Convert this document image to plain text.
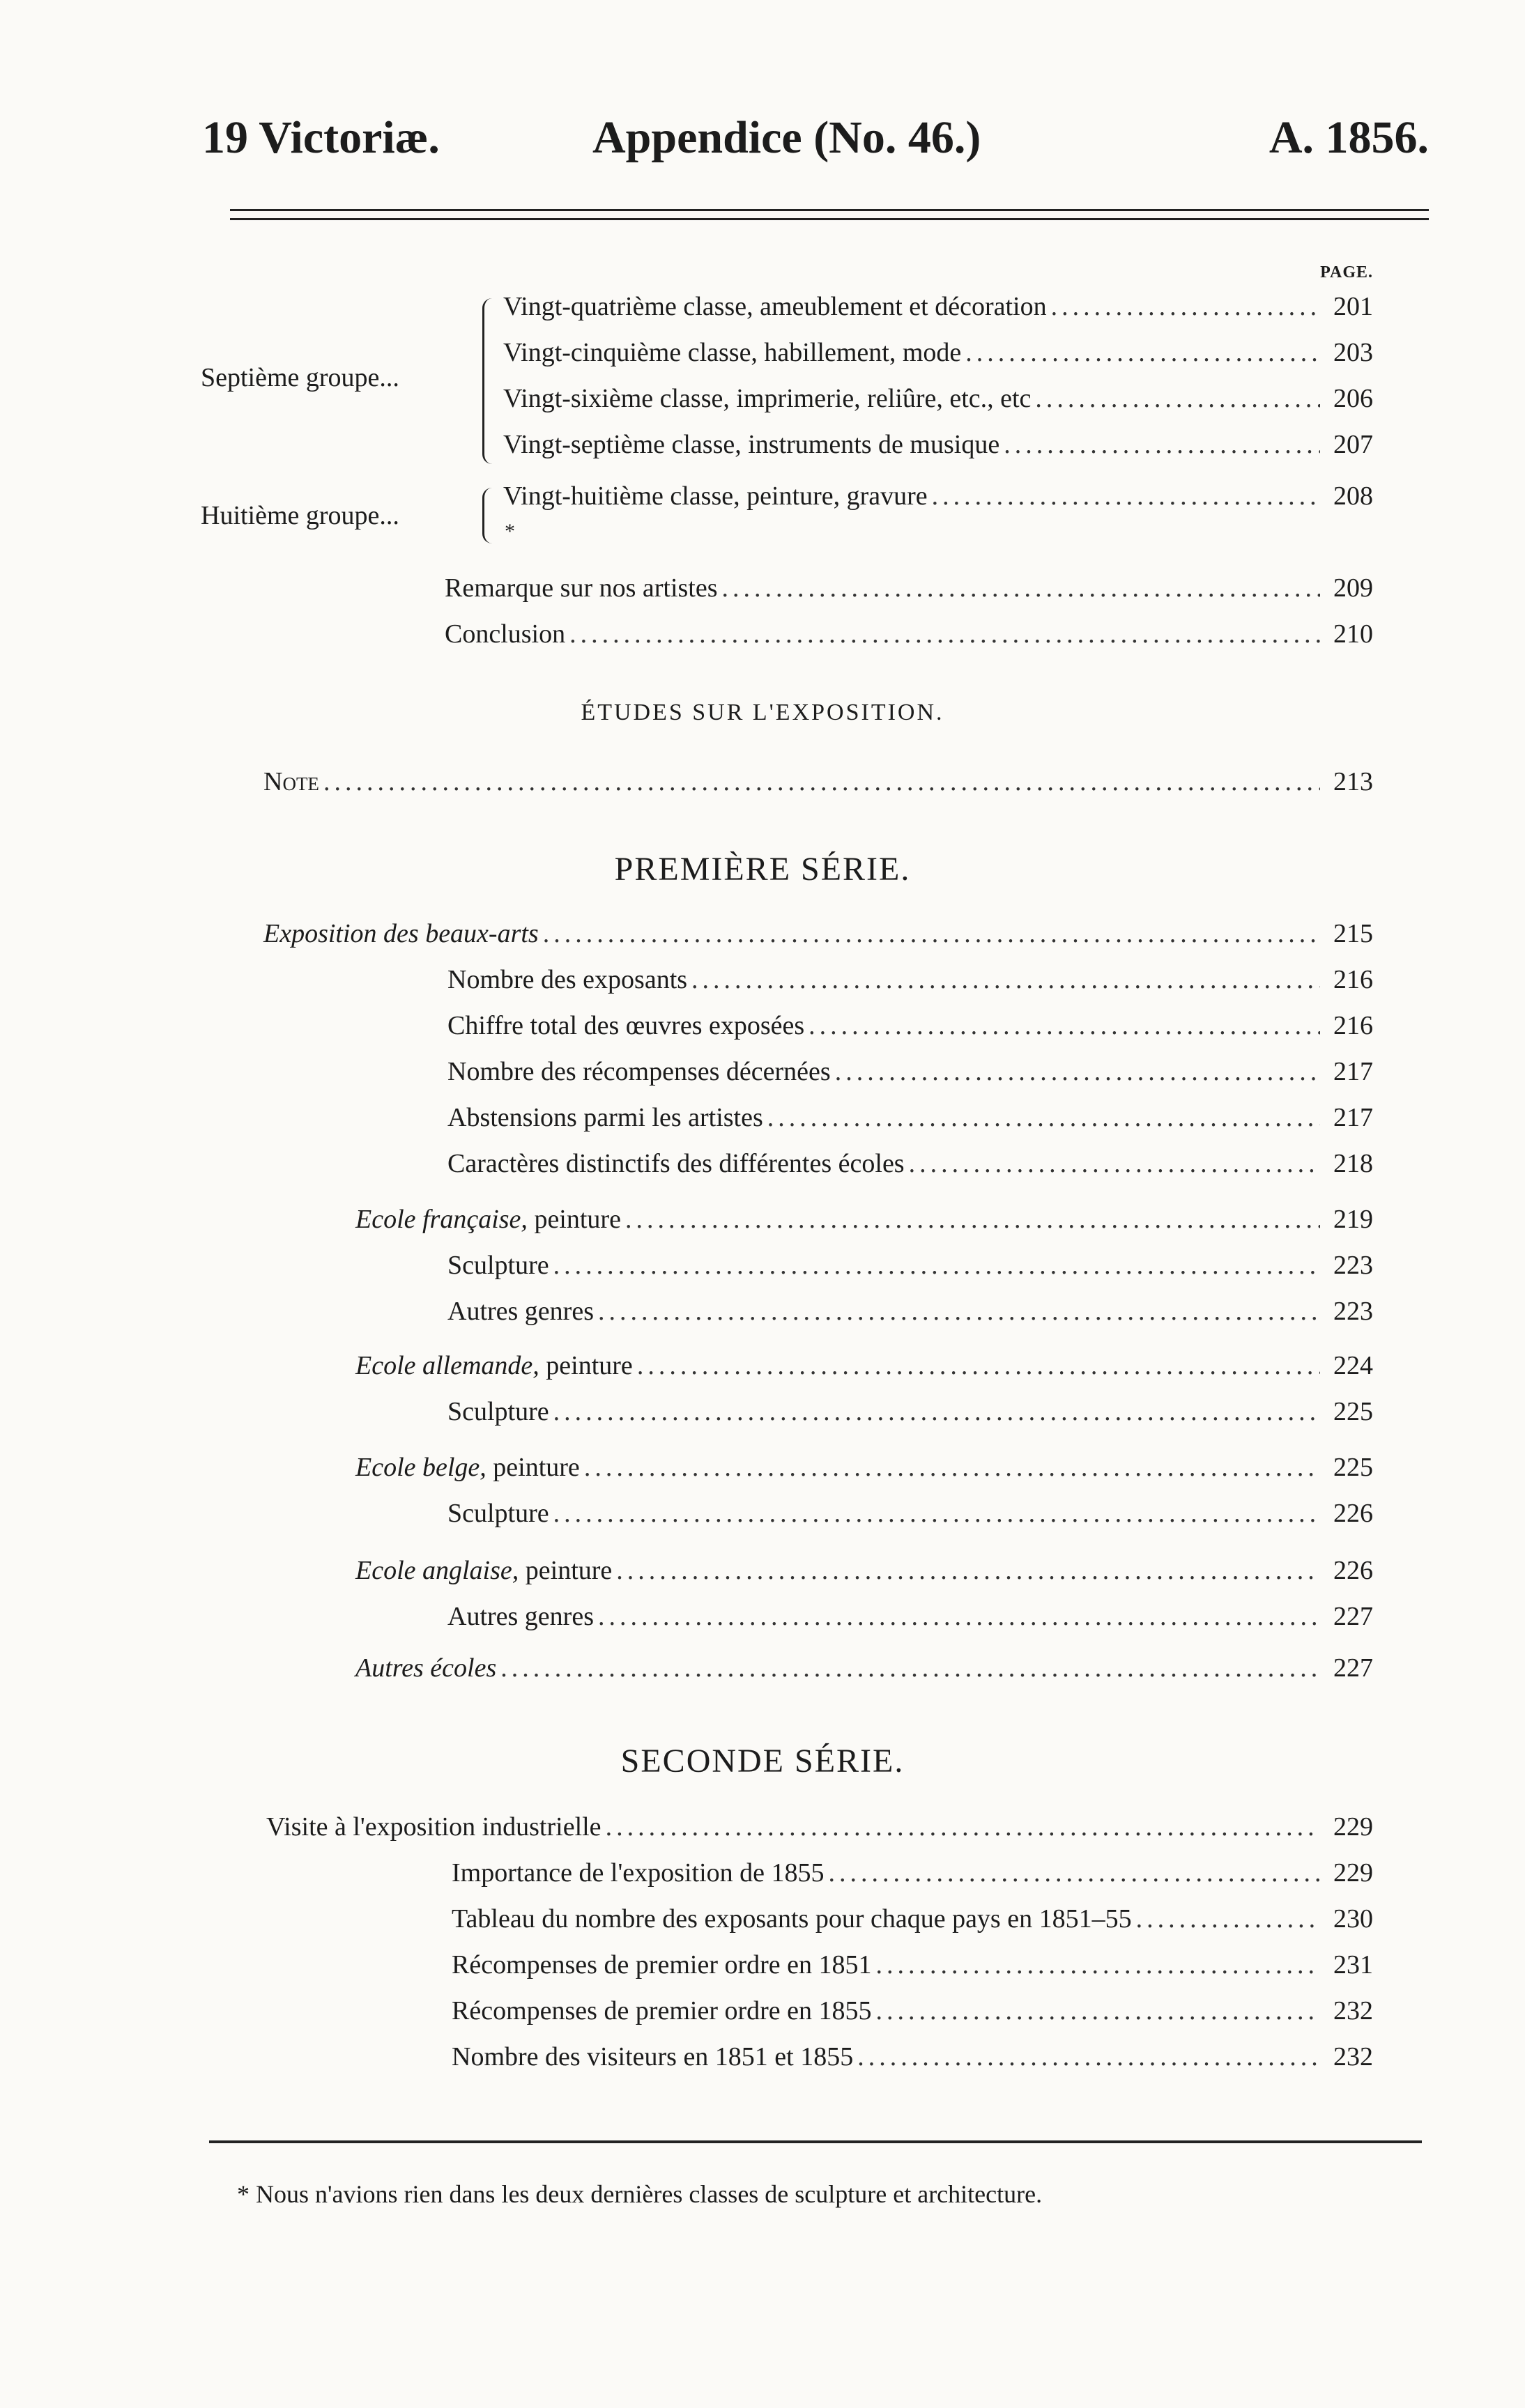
19 Victoriæ.	Appendice (No. 46.)	A. 1856.
PAGE.
Septième groupe...
Vingt-quatrième classe, ameublement et décoration .....	201
Vingt-cinquième classe, habillement, mode .....	203
Vingt-sixième classe, imprimerie, reliûre, etc., etc .....	206
Vingt-septième classe, instruments de musique .....	207
Huitième groupe...
Vingt-huitième classe, peinture, gravure .....	208
*
Remarque sur nos artistes .....	209
Conclusion .....	210
ÉTUDES SUR L'EXPOSITION.
Note .....	213
PREMIÈRE SÉRIE.
Exposition des beaux-arts .....	215
Nombre des exposants .....	216
Chiffre total des œuvres exposées .....	216
Nombre des récompenses décernées .....	217
Abstensions parmi les artistes .....	217
Caractères distinctifs des différentes écoles .....	218
Ecole française, peinture .....	219
Sculpture .....	223
Autres genres .....	223
Ecole allemande, peinture .....	224
Sculpture .....	225
Ecole belge, peinture .....	225
Sculpture .....	226
Ecole anglaise, peinture .....	226
Autres genres .....	227
Autres écoles .....	227
SECONDE SÉRIE.
Visite à l'exposition industrielle .....	229
Importance de l'exposition de 1855 .....	229
Tableau du nombre des exposants pour chaque pays en 1851–55 .....	230
Récompenses de premier ordre en 1851 .....	231
Récompenses de premier ordre en 1855 .....	232
Nombre des visiteurs en 1851 et 1855 .....	232
* Nous n'avions rien dans les deux dernières classes de sculpture et architecture.
